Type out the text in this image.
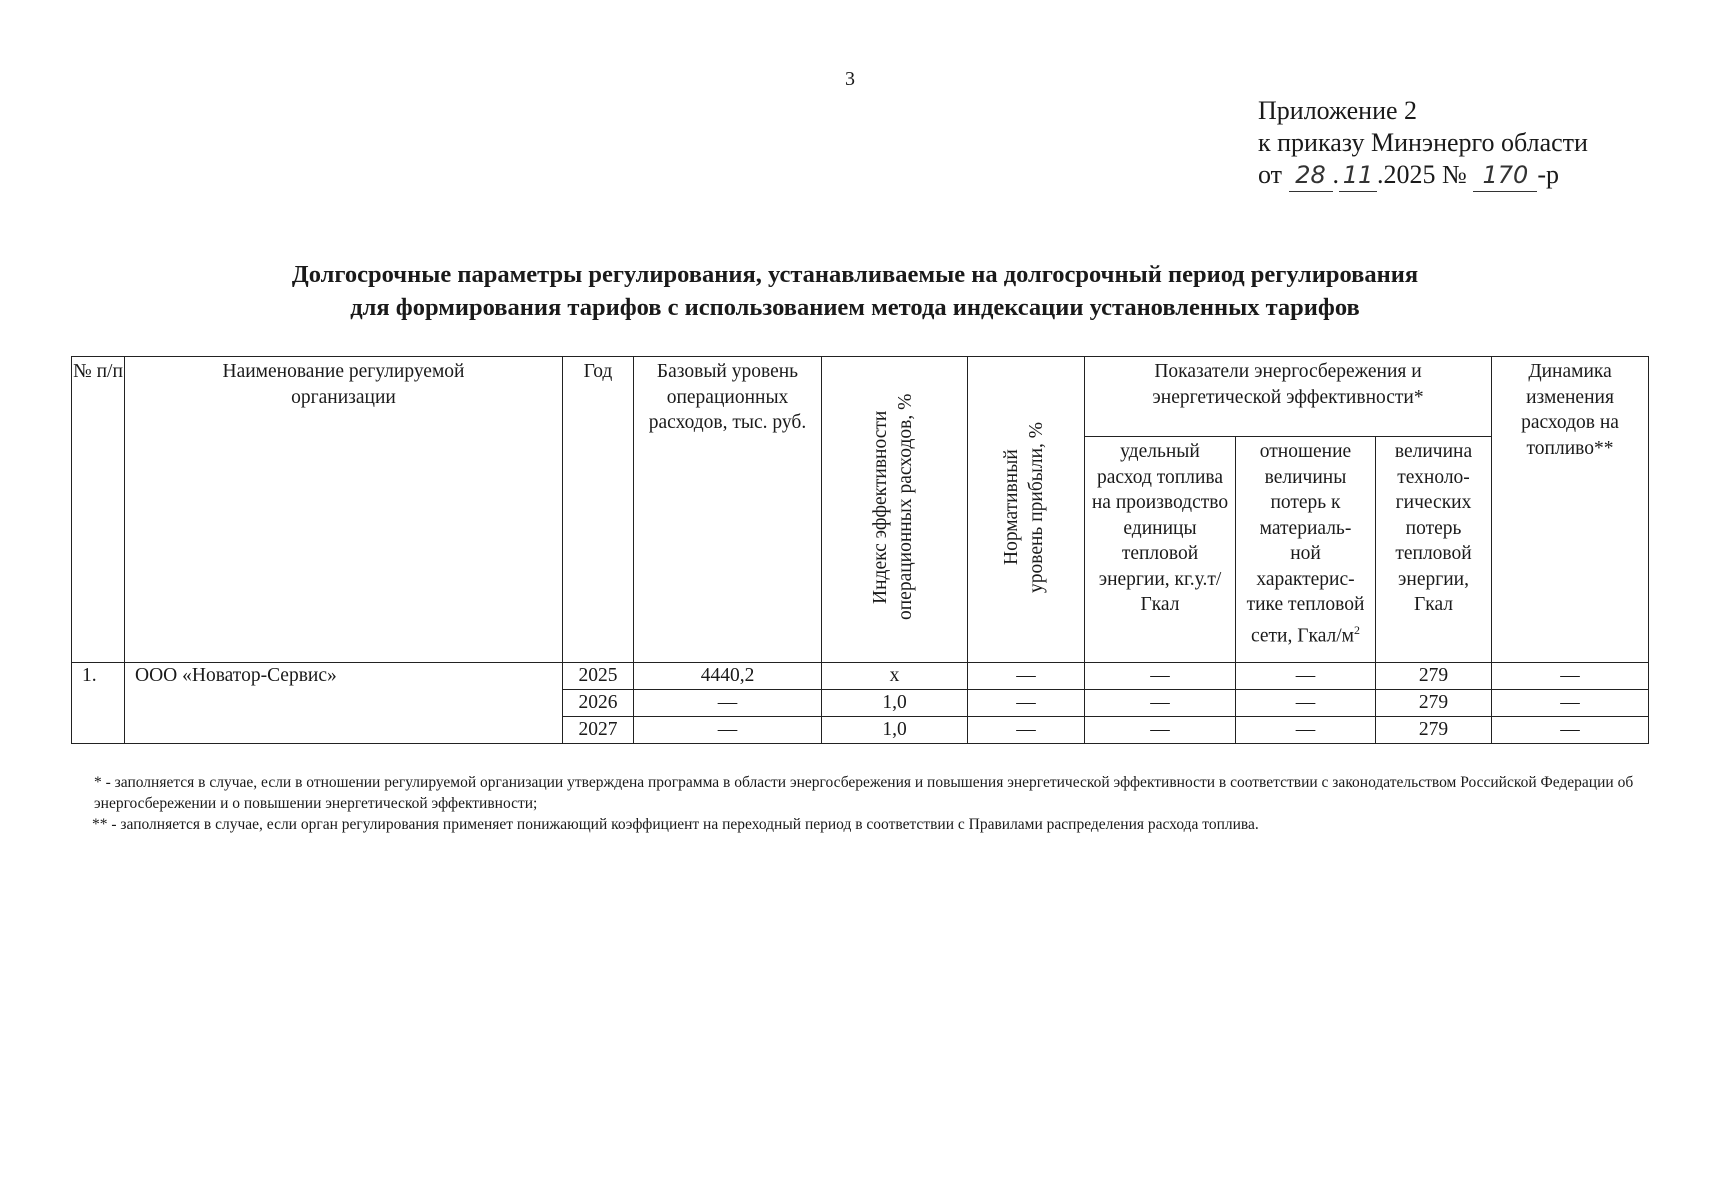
3
Приложение 2
к приказу Минэнерго области
от 28 . 11 .2025 № 170 -р
Долгосрочные параметры регулирования, устанавливаемые на долгосрочный период регулирования
для формирования тарифов с использованием метода индексации установленных тарифов
№ п/п	Наименование регулируемой организации	Год	Базовый уровень операционных расходов, тыс. руб.	Индекс эффективности операционных расходов, %	Нормативный уровень прибыли, %	Показатели энергосбережения и энергетической эффективности*			Динамика изменения расходов на топливо**
						удельный расход топлива на производство единицы тепловой энергии, кг.у.т/Гкал	отношение величины потерь к материаль-ной характерис-тике тепловой сети, Гкал/$м^2$	величина техноло-гических потерь тепловой энергии, Гкал	
1.	ООО «Новатор-Сервис»	2025	4440,2	х	—	—	—	279	—
		2026	—	1,0	—	—	—	279	—
		2027	—	1,0	—	—	—	279	—

* - заполняется в случае, если в отношении регулируемой организации утверждена программа в области энергосбережения и повышения энергетической эффективности в соответствии с законодательством Российской Федерации об энергосбережении и о повышении энергетической эффективности;

** - заполняется в случае, если орган регулирования применяет понижающий коэффициент на переходный период в соответствии с Правилами распределения расхода топлива.
